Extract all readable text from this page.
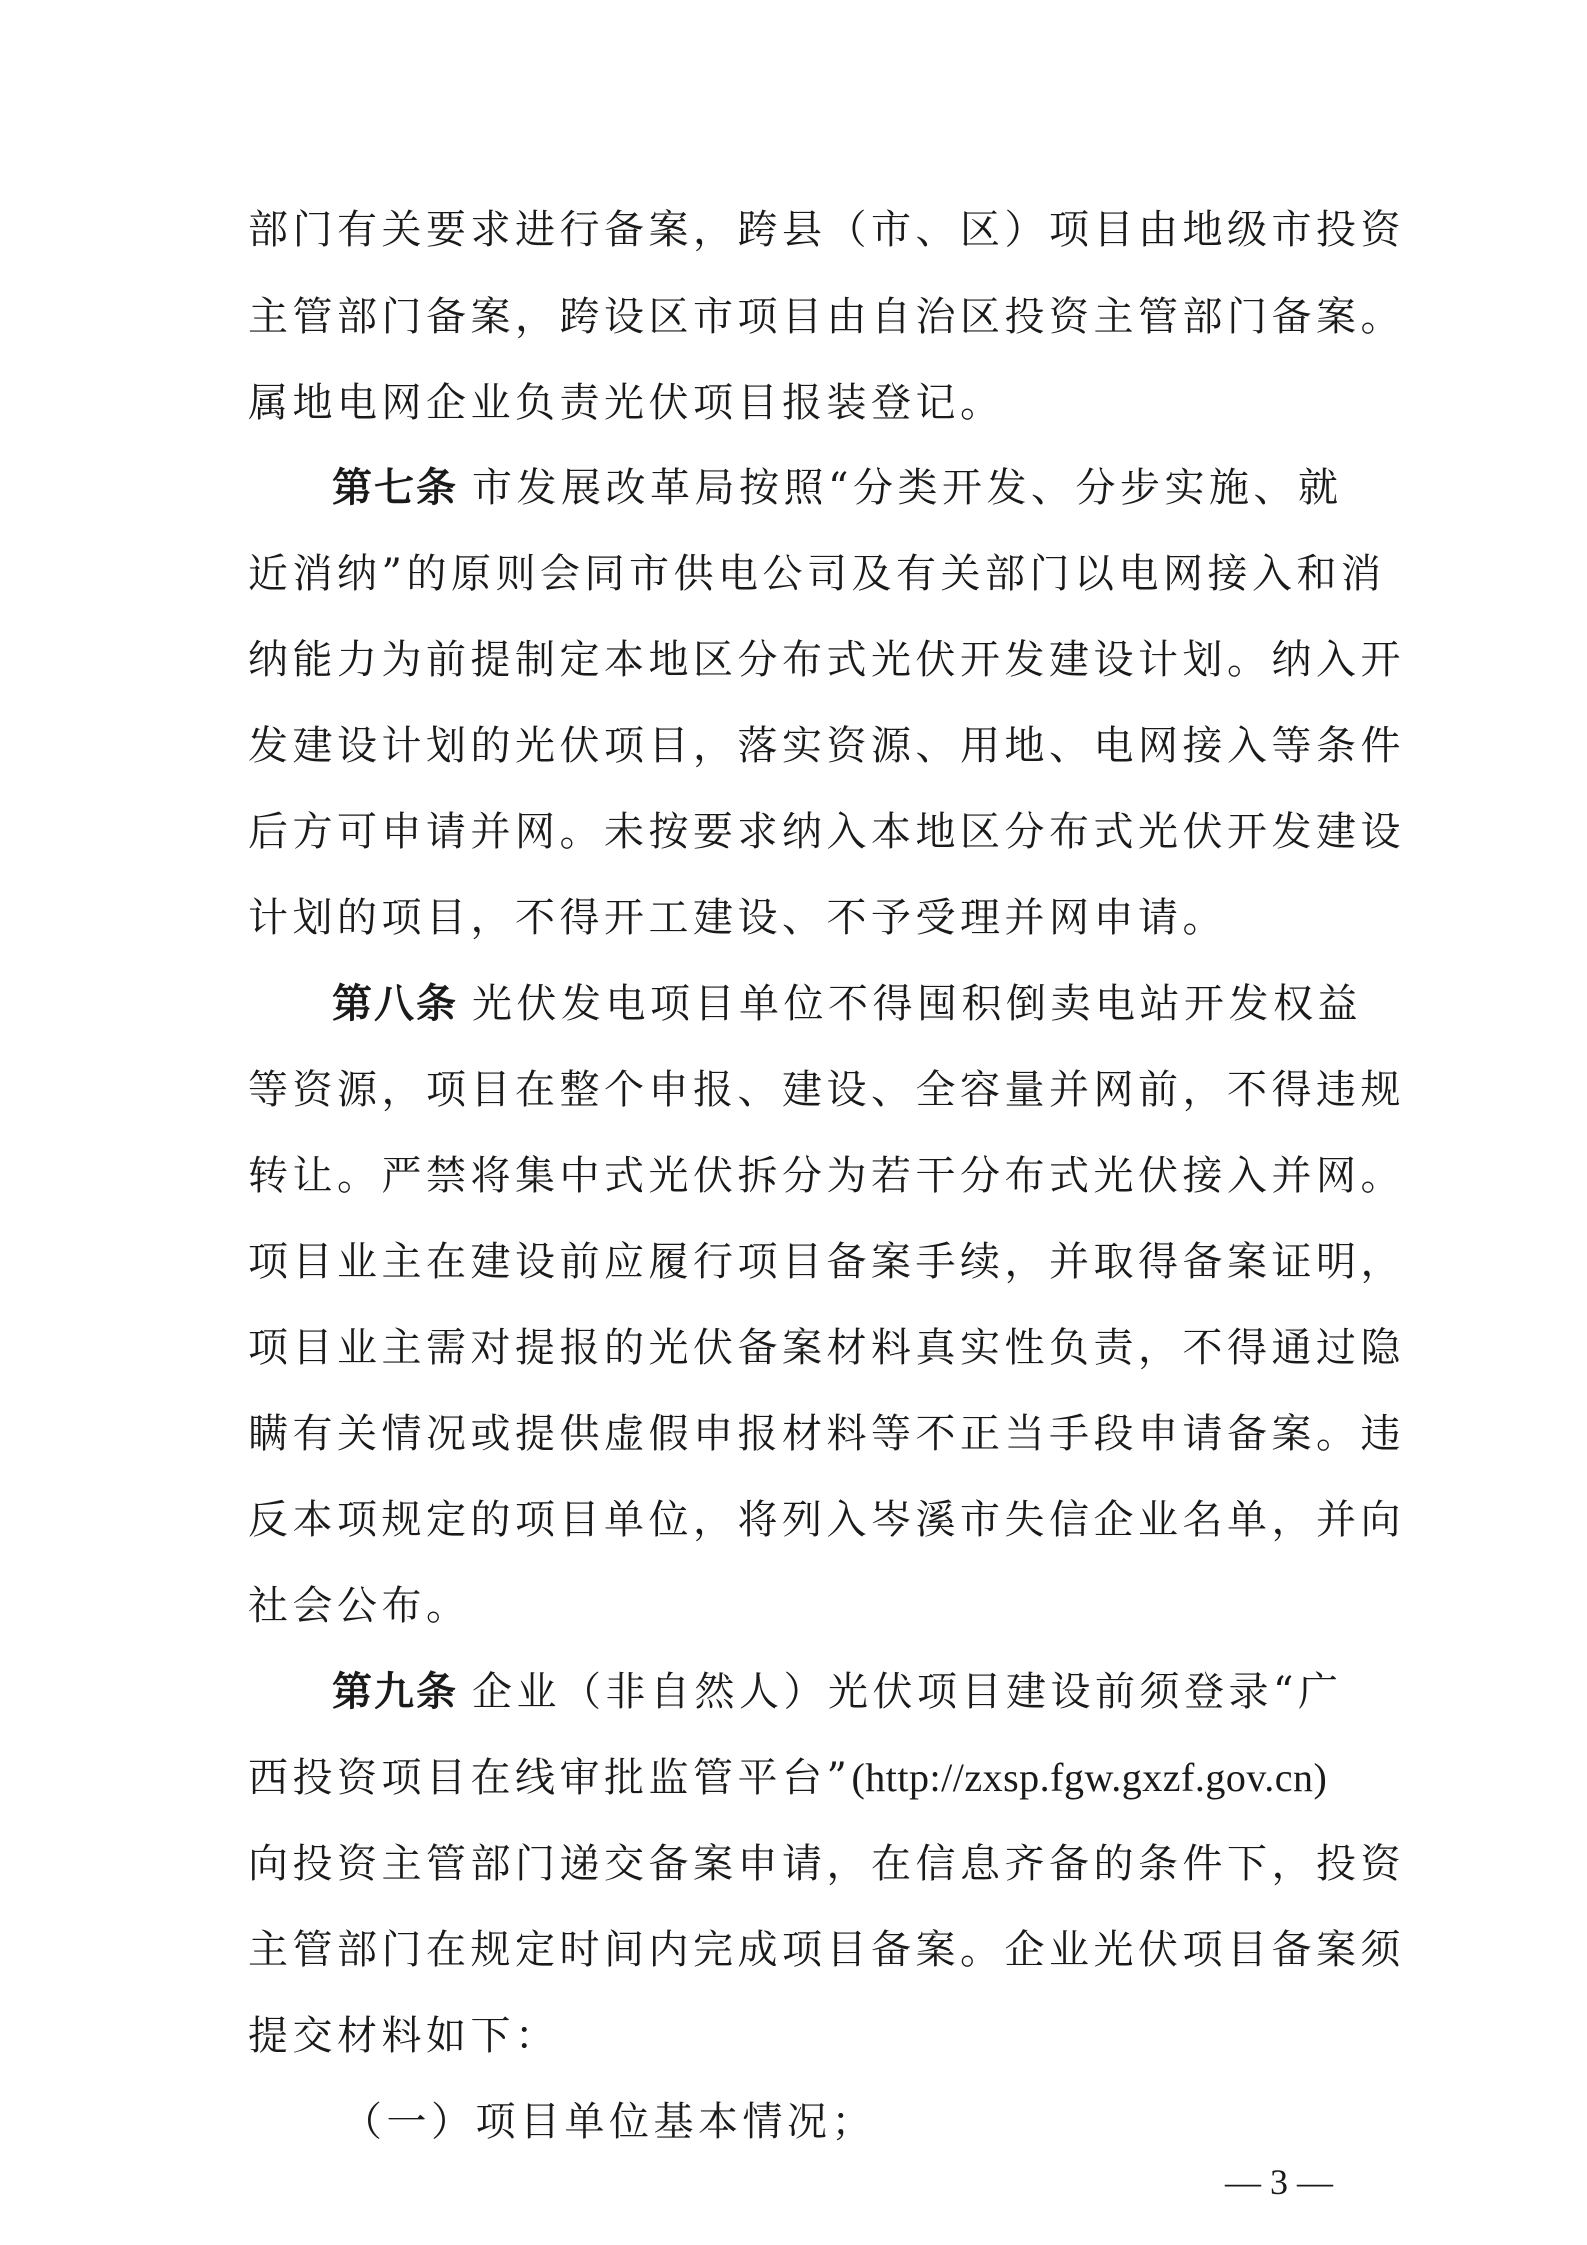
部门有关要求进行备案，跨县（市、区）项目由地级市投资
主管部门备案，跨设区市项目由自治区投资主管部门备案。
属地电网企业负责光伏项目报装登记。
第七条 市发展改革局按照“分类开发、分步实施、就
近消纳”的原则会同市供电公司及有关部门以电网接入和消
纳能力为前提制定本地区分布式光伏开发建设计划。纳入开
发建设计划的光伏项目，落实资源、用地、电网接入等条件
后方可申请并网。未按要求纳入本地区分布式光伏开发建设
计划的项目，不得开工建设、不予受理并网申请。
第八条 光伏发电项目单位不得囤积倒卖电站开发权益
等资源，项目在整个申报、建设、全容量并网前，不得违规
转让。严禁将集中式光伏拆分为若干分布式光伏接入并网。
项目业主在建设前应履行项目备案手续，并取得备案证明，
项目业主需对提报的光伏备案材料真实性负责，不得通过隐
瞒有关情况或提供虚假申报材料等不正当手段申请备案。违
反本项规定的项目单位，将列入岑溪市失信企业名单，并向
社会公布。
第九条 企业（非自然人）光伏项目建设前须登录“广
西投资项目在线审批监管平台”(http://zxsp.fgw.gxzf.gov.cn)
向投资主管部门递交备案申请，在信息齐备的条件下，投资
主管部门在规定时间内完成项目备案。企业光伏项目备案须
提交材料如下：
（一）项目单位基本情况；
— 3 —
